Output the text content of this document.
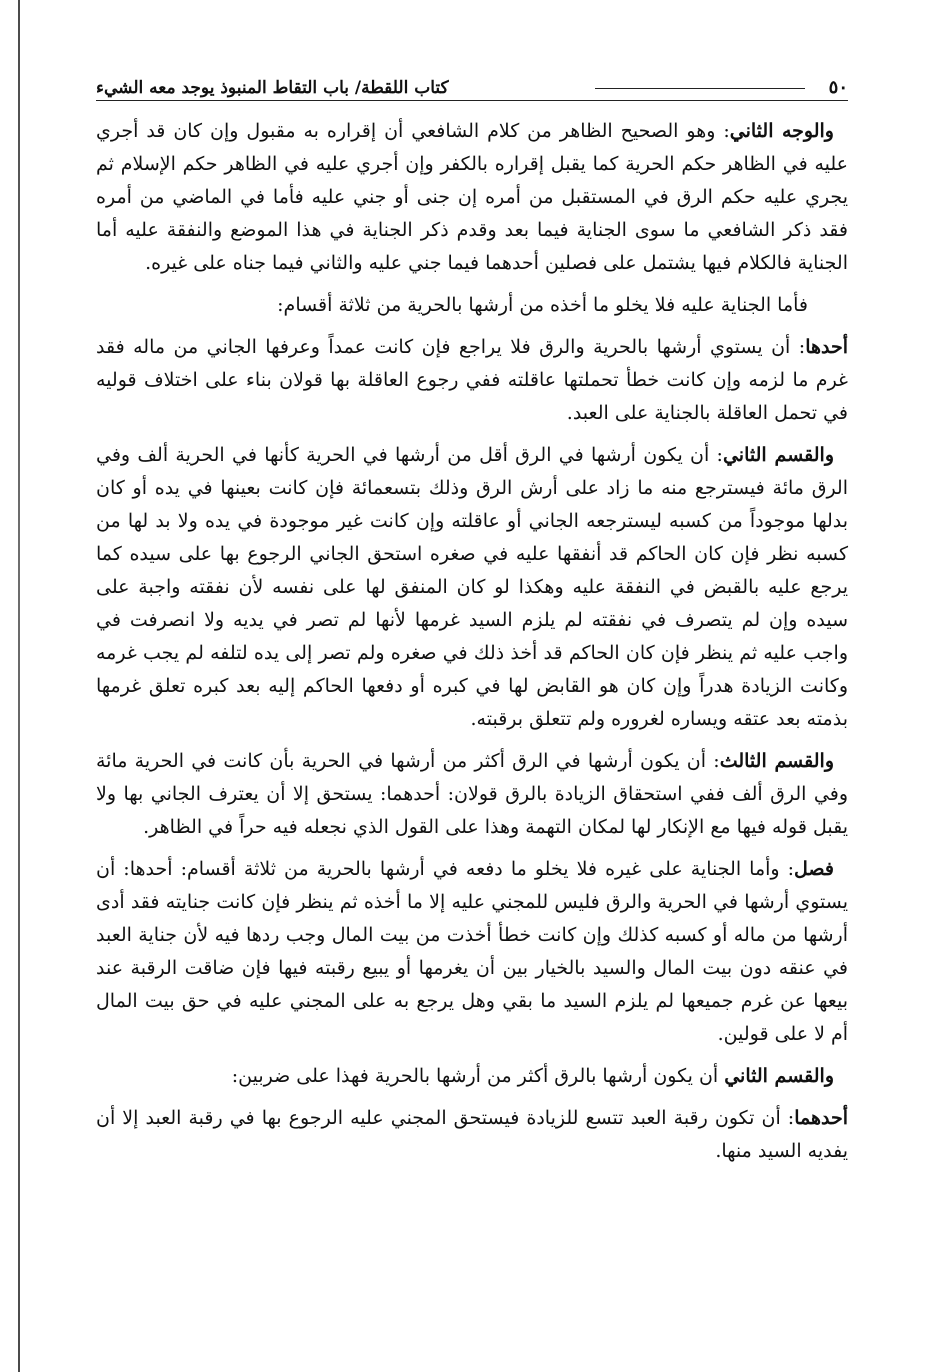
٥٠
كتاب اللقطة/ باب التقاط المنبوذ يوجد معه الشيء

والوجه الثاني: وهو الصحيح الظاهر من كلام الشافعي أن إقراره به مقبول وإن كان قد أجري عليه في الظاهر حكم الحرية كما يقبل إقراره بالكفر وإن أجري عليه في الظاهر حكم الإسلام ثم يجري عليه حكم الرق في المستقبل من أمره إن جنى أو جني عليه فأما في الماضي من أمره فقد ذكر الشافعي ما سوى الجناية فيما بعد وقدم ذكر الجناية في هذا الموضع والنفقة عليه أما الجناية فالكلام فيها يشتمل على فصلين أحدهما فيما جني عليه والثاني فيما جناه على غيره.

فأما الجناية عليه فلا يخلو ما أخذه من أرشها بالحرية من ثلاثة أقسام:

أحدها: أن يستوي أرشها بالحرية والرق فلا يراجع فإن كانت عمداً وعرفها الجاني من ماله فقد غرم ما لزمه وإن كانت خطأ تحملتها عاقلته ففي رجوع العاقلة بها قولان بناء على اختلاف قوليه في تحمل العاقلة بالجناية على العبد.

والقسم الثاني: أن يكون أرشها في الرق أقل من أرشها في الحرية كأنها في الحرية ألف وفي الرق مائة فيسترجع منه ما زاد على أرش الرق وذلك بتسعمائة فإن كانت بعينها في يده أو كان بدلها موجوداً من كسبه ليسترجعه الجاني أو عاقلته وإن كانت غير موجودة في يده ولا بد لها من كسبه نظر فإن كان الحاكم قد أنفقها عليه في صغره استحق الجاني الرجوع بها على سيده كما يرجع عليه بالقبض في النفقة عليه وهكذا لو كان المنفق لها على نفسه لأن نفقته واجبة على سيده وإن لم يتصرف في نفقته لم يلزم السيد غرمها لأنها لم تصر في يديه ولا انصرفت في واجب عليه ثم ينظر فإن كان الحاكم قد أخذ ذلك في صغره ولم تصر إلى يده لتلفه لم يجب غرمه وكانت الزيادة هدراً وإن كان هو القابض لها في كبره أو دفعها الحاكم إليه بعد كبره تعلق غرمها بذمته بعد عتقه ويساره لغروره ولم تتعلق برقبته.

والقسم الثالث: أن يكون أرشها في الرق أكثر من أرشها في الحرية بأن كانت في الحرية مائة وفي الرق ألف ففي استحقاق الزيادة بالرق قولان: أحدهما: يستحق إلا أن يعترف الجاني بها ولا يقبل قوله فيها مع الإنكار لها لمكان التهمة وهذا على القول الذي نجعله فيه حراً في الظاهر.

فصل: وأما الجناية على غيره فلا يخلو ما دفعه في أرشها بالحرية من ثلاثة أقسام: أحدها: أن يستوي أرشها في الحرية والرق فليس للمجني عليه إلا ما أخذه ثم ينظر فإن كانت جنايته فقد أدى أرشها من ماله أو كسبه كذلك وإن كانت خطأ أخذت من بيت المال وجب ردها فيه لأن جناية العبد في عنقه دون بيت المال والسيد بالخيار بين أن يغرمها أو يبيع رقبته فيها فإن ضاقت الرقبة عند بيعها عن غرم جميعها لم يلزم السيد ما بقي وهل يرجع به على المجني عليه في حق بيت المال أم لا على قولين.

والقسم الثاني أن يكون أرشها بالرق أكثر من أرشها بالحرية فهذا على ضربين:

أحدهما: أن تكون رقبة العبد تتسع للزيادة فيستحق المجني عليه الرجوع بها في رقبة العبد إلا أن يفديه السيد منها.
